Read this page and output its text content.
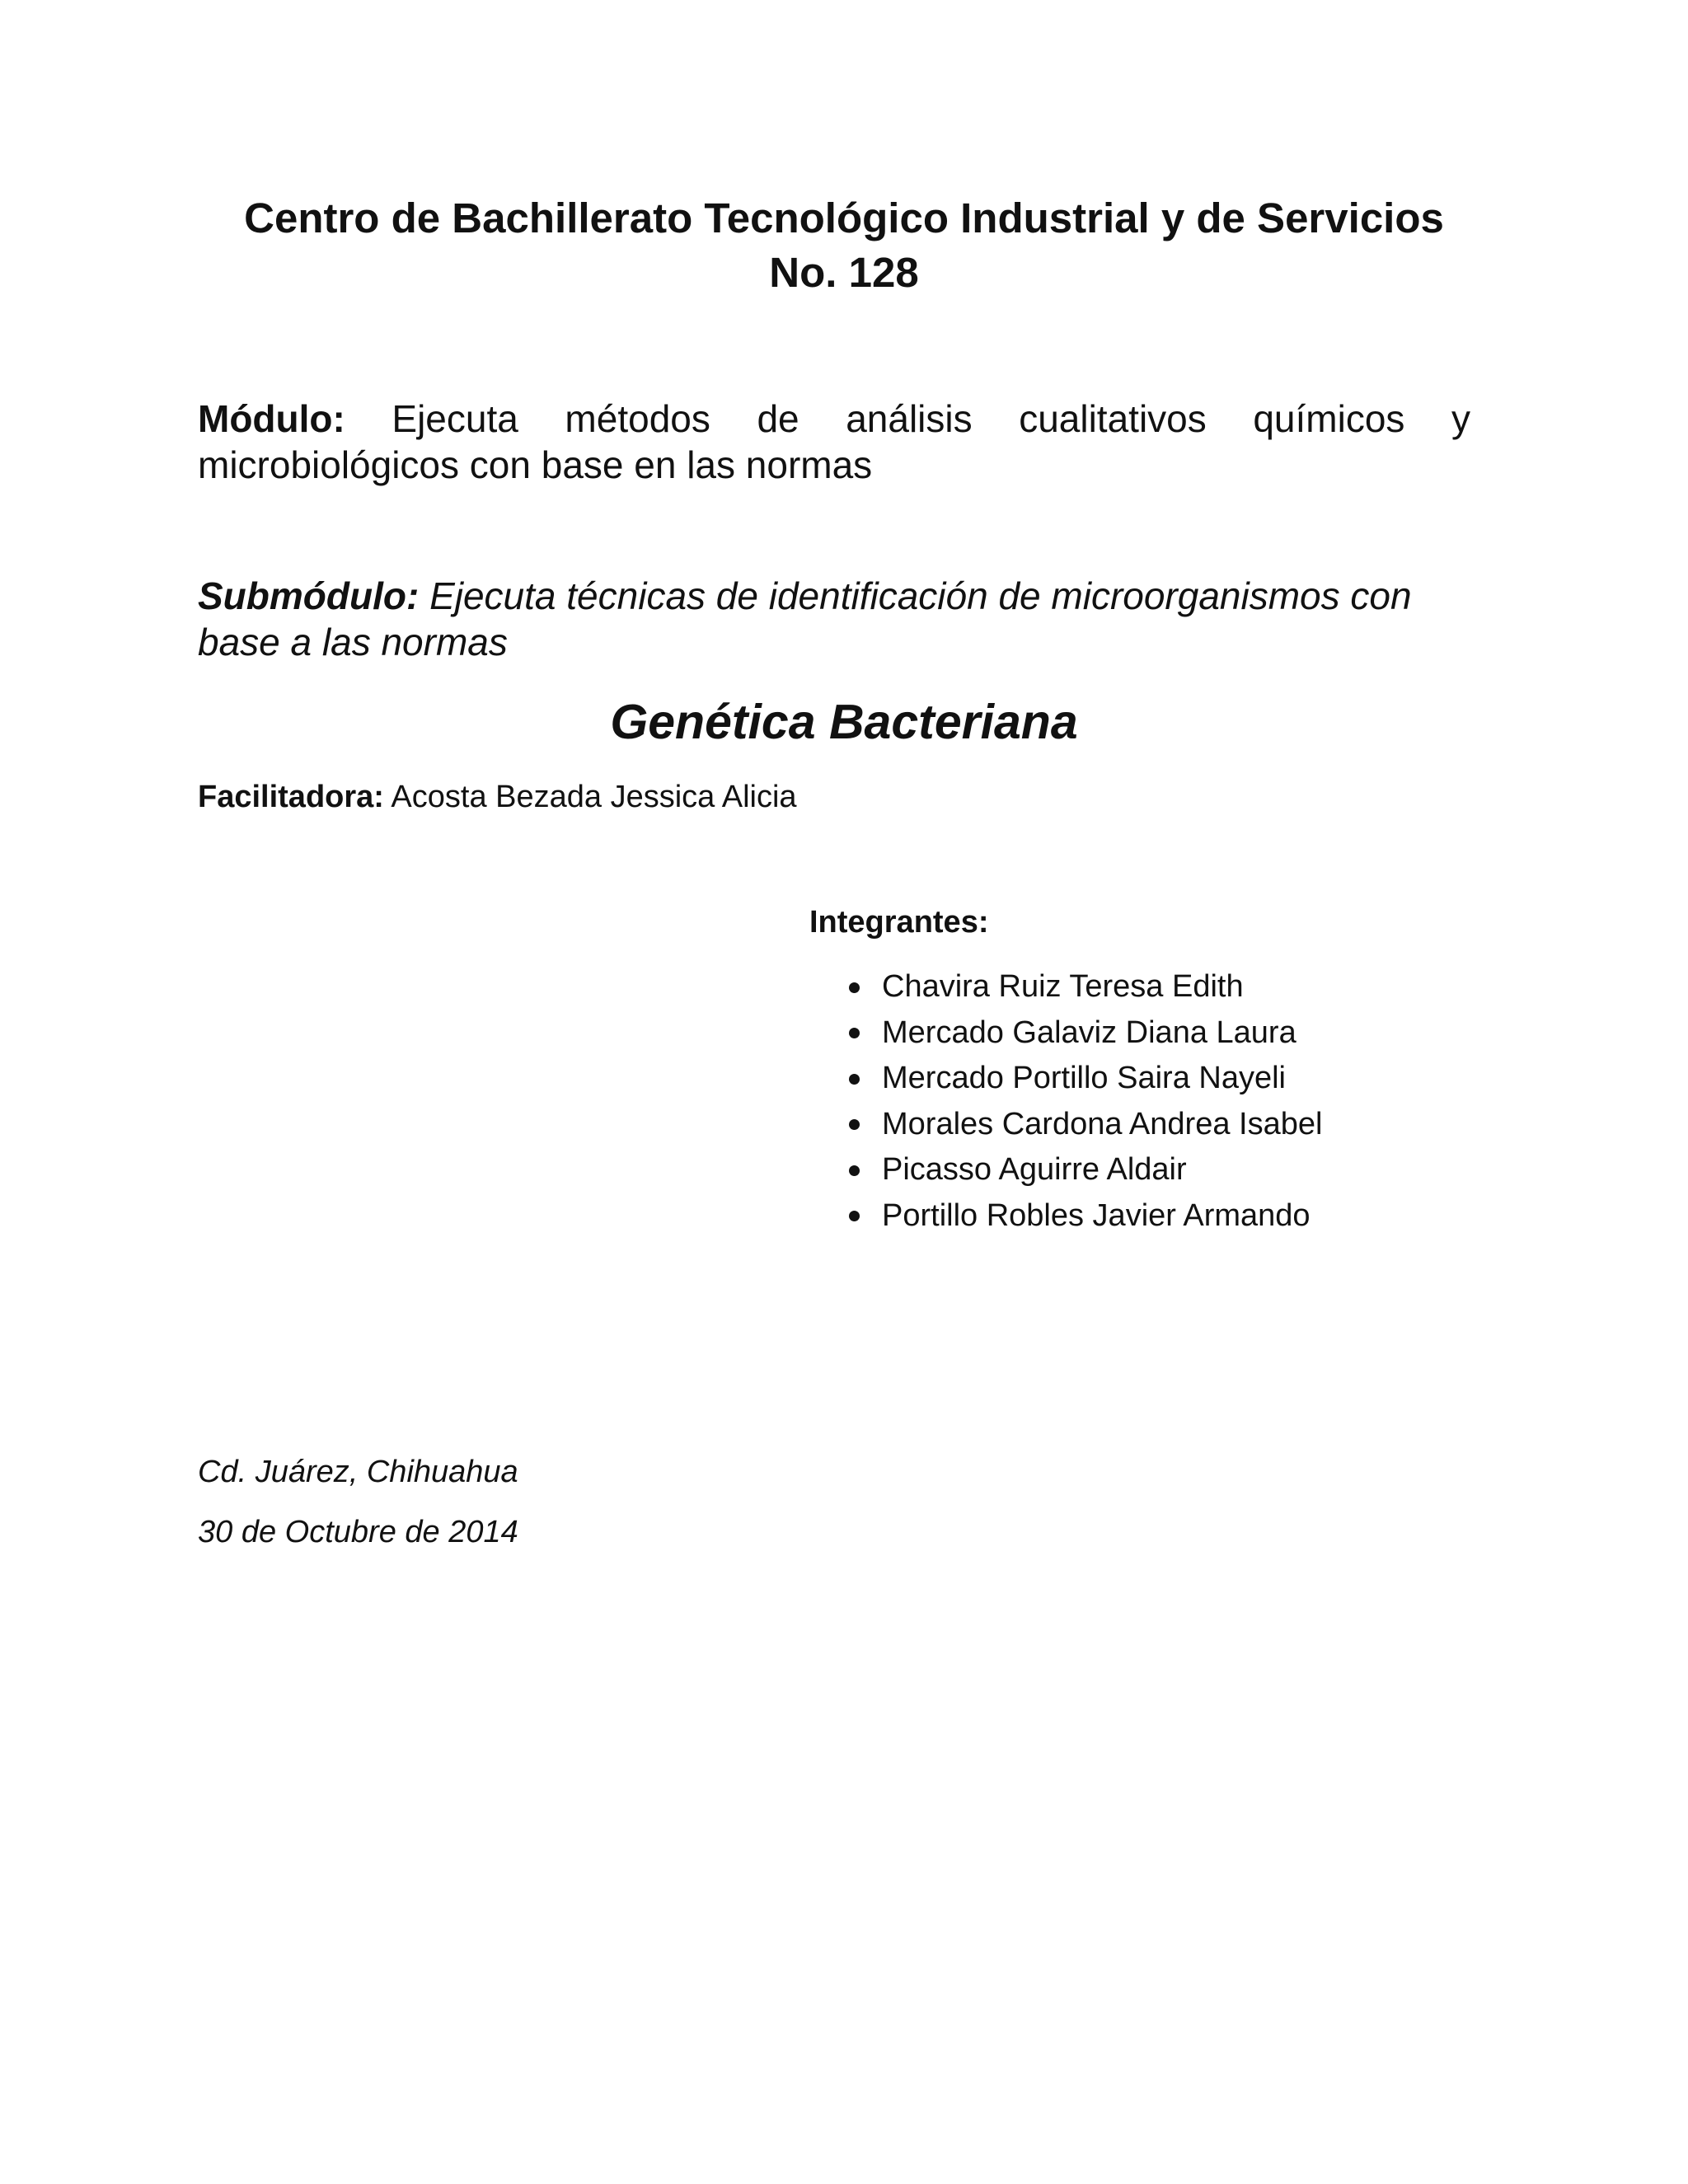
Centro de Bachillerato Tecnológico Industrial y de Servicios
No. 128
Módulo: Ejecuta métodos de análisis cualitativos químicos y microbiológicos con base en las normas
Submódulo: Ejecuta técnicas de identificación de microorganismos con base a las normas
Genética Bacteriana
Facilitadora: Acosta Bezada Jessica Alicia
Integrantes:
Chavira Ruiz Teresa Edith
Mercado Galaviz Diana Laura
Mercado Portillo Saira Nayeli
Morales Cardona Andrea Isabel
Picasso Aguirre Aldair
Portillo Robles Javier Armando
Cd. Juárez, Chihuahua
30 de Octubre de 2014
